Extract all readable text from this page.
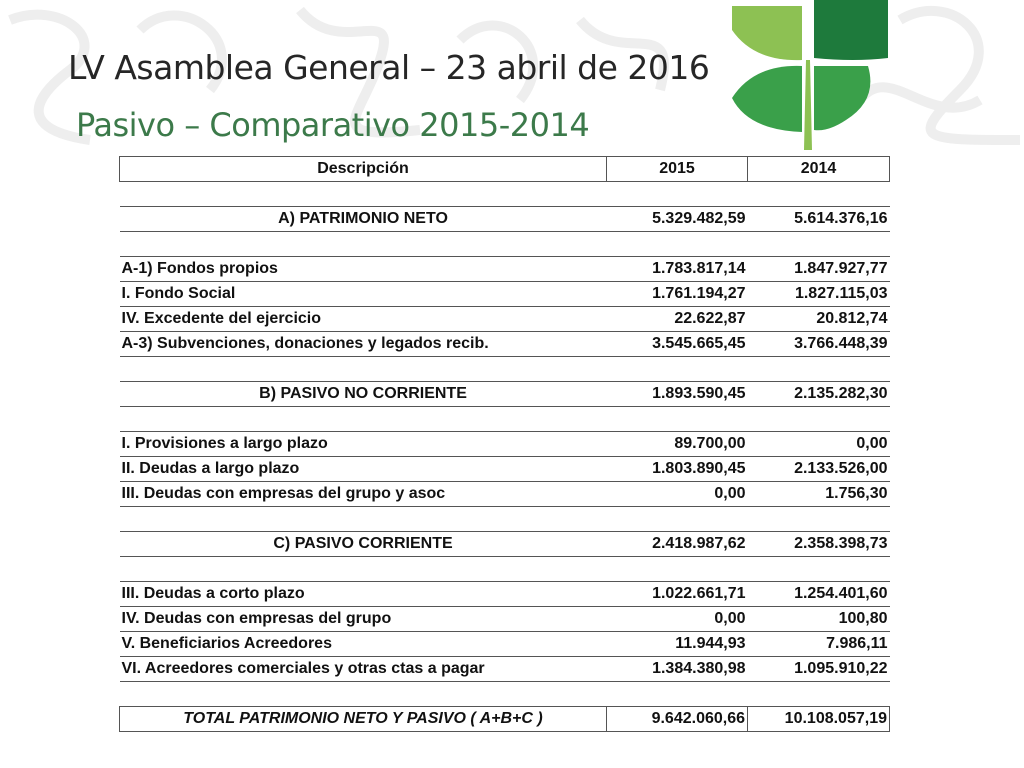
LV Asamblea General – 23 abril de 2016
Pasivo – Comparativo 2015-2014
Descripción	2015	2014

A) PATRIMONIO NETO	5.329.482,59	5.614.376,16

A-1) Fondos propios	1.783.817,14	1.847.927,77
I. Fondo Social	1.761.194,27	1.827.115,03
IV. Excedente del ejercicio	22.622,87	20.812,74
A-3) Subvenciones, donaciones y legados recib.	3.545.665,45	3.766.448,39

B) PASIVO NO CORRIENTE	1.893.590,45	2.135.282,30

I. Provisiones a largo plazo	89.700,00	0,00
II. Deudas a largo plazo	1.803.890,45	2.133.526,00
III. Deudas con empresas del grupo y asoc	0,00	1.756,30

C) PASIVO CORRIENTE	2.418.987,62	2.358.398,73

III. Deudas a corto plazo	1.022.661,71	1.254.401,60
IV. Deudas con empresas del grupo	0,00	100,80
V. Beneficiarios Acreedores	11.944,93	7.986,11
VI. Acreedores comerciales y otras ctas a pagar	1.384.380,98	1.095.910,22

TOTAL PATRIMONIO NETO Y PASIVO ( A+B+C )	9.642.060,66	10.108.057,19
